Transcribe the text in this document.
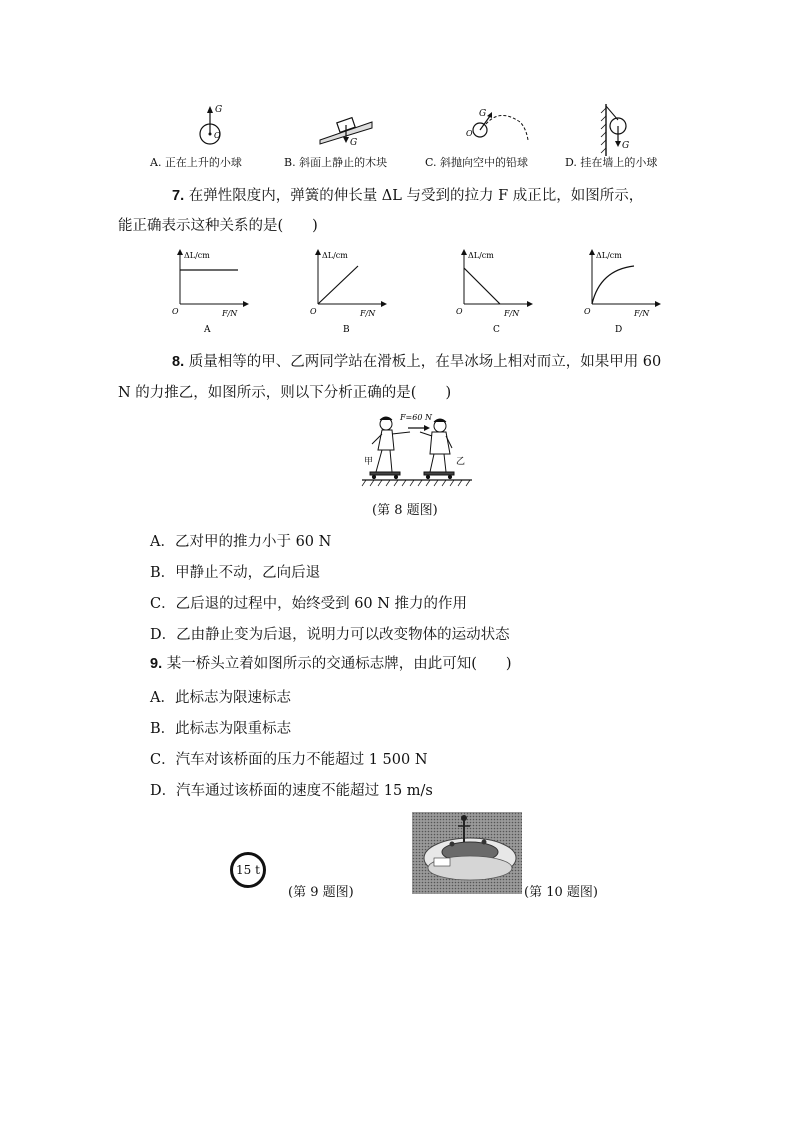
G
O
G
G
O
G
A. 正在上升的小球	B. 斜面上静止的木块	C. 斜抛向空中的铅球	D. 挂在墙上的小球
7. 在弹性限度内，弹簧的伸长量 ΔL 与受到的拉力 F 成正比，如图所示，
能正确表示这种关系的是(　　)
ΔL/cm
F/N
O
A
ΔL/cm
F/N
O
B
ΔL/cm
F/N
O
C
ΔL/cm
F/N
O
D
8. 质量相等的甲、乙两同学站在滑板上，在旱冰场上相对而立，如果甲用 60
N 的力推乙，如图所示，则以下分析正确的是(　　)
F=60 N
甲	乙
(第 8 题图)
A．乙对甲的推力小于 60 N
B．甲静止不动，乙向后退
C．乙后退的过程中，始终受到 60 N 推力的作用
D．乙由静止变为后退，说明力可以改变物体的运动状态
9. 某一桥头立着如图所示的交通标志牌，由此可知(　　)
A．此标志为限速标志
B．此标志为限重标志
C．汽车对该桥面的压力不能超过 1 500 N
D．汽车通过该桥面的速度不能超过 15 m/s
15 t
(第 9 题图)	(第 10 题图)
